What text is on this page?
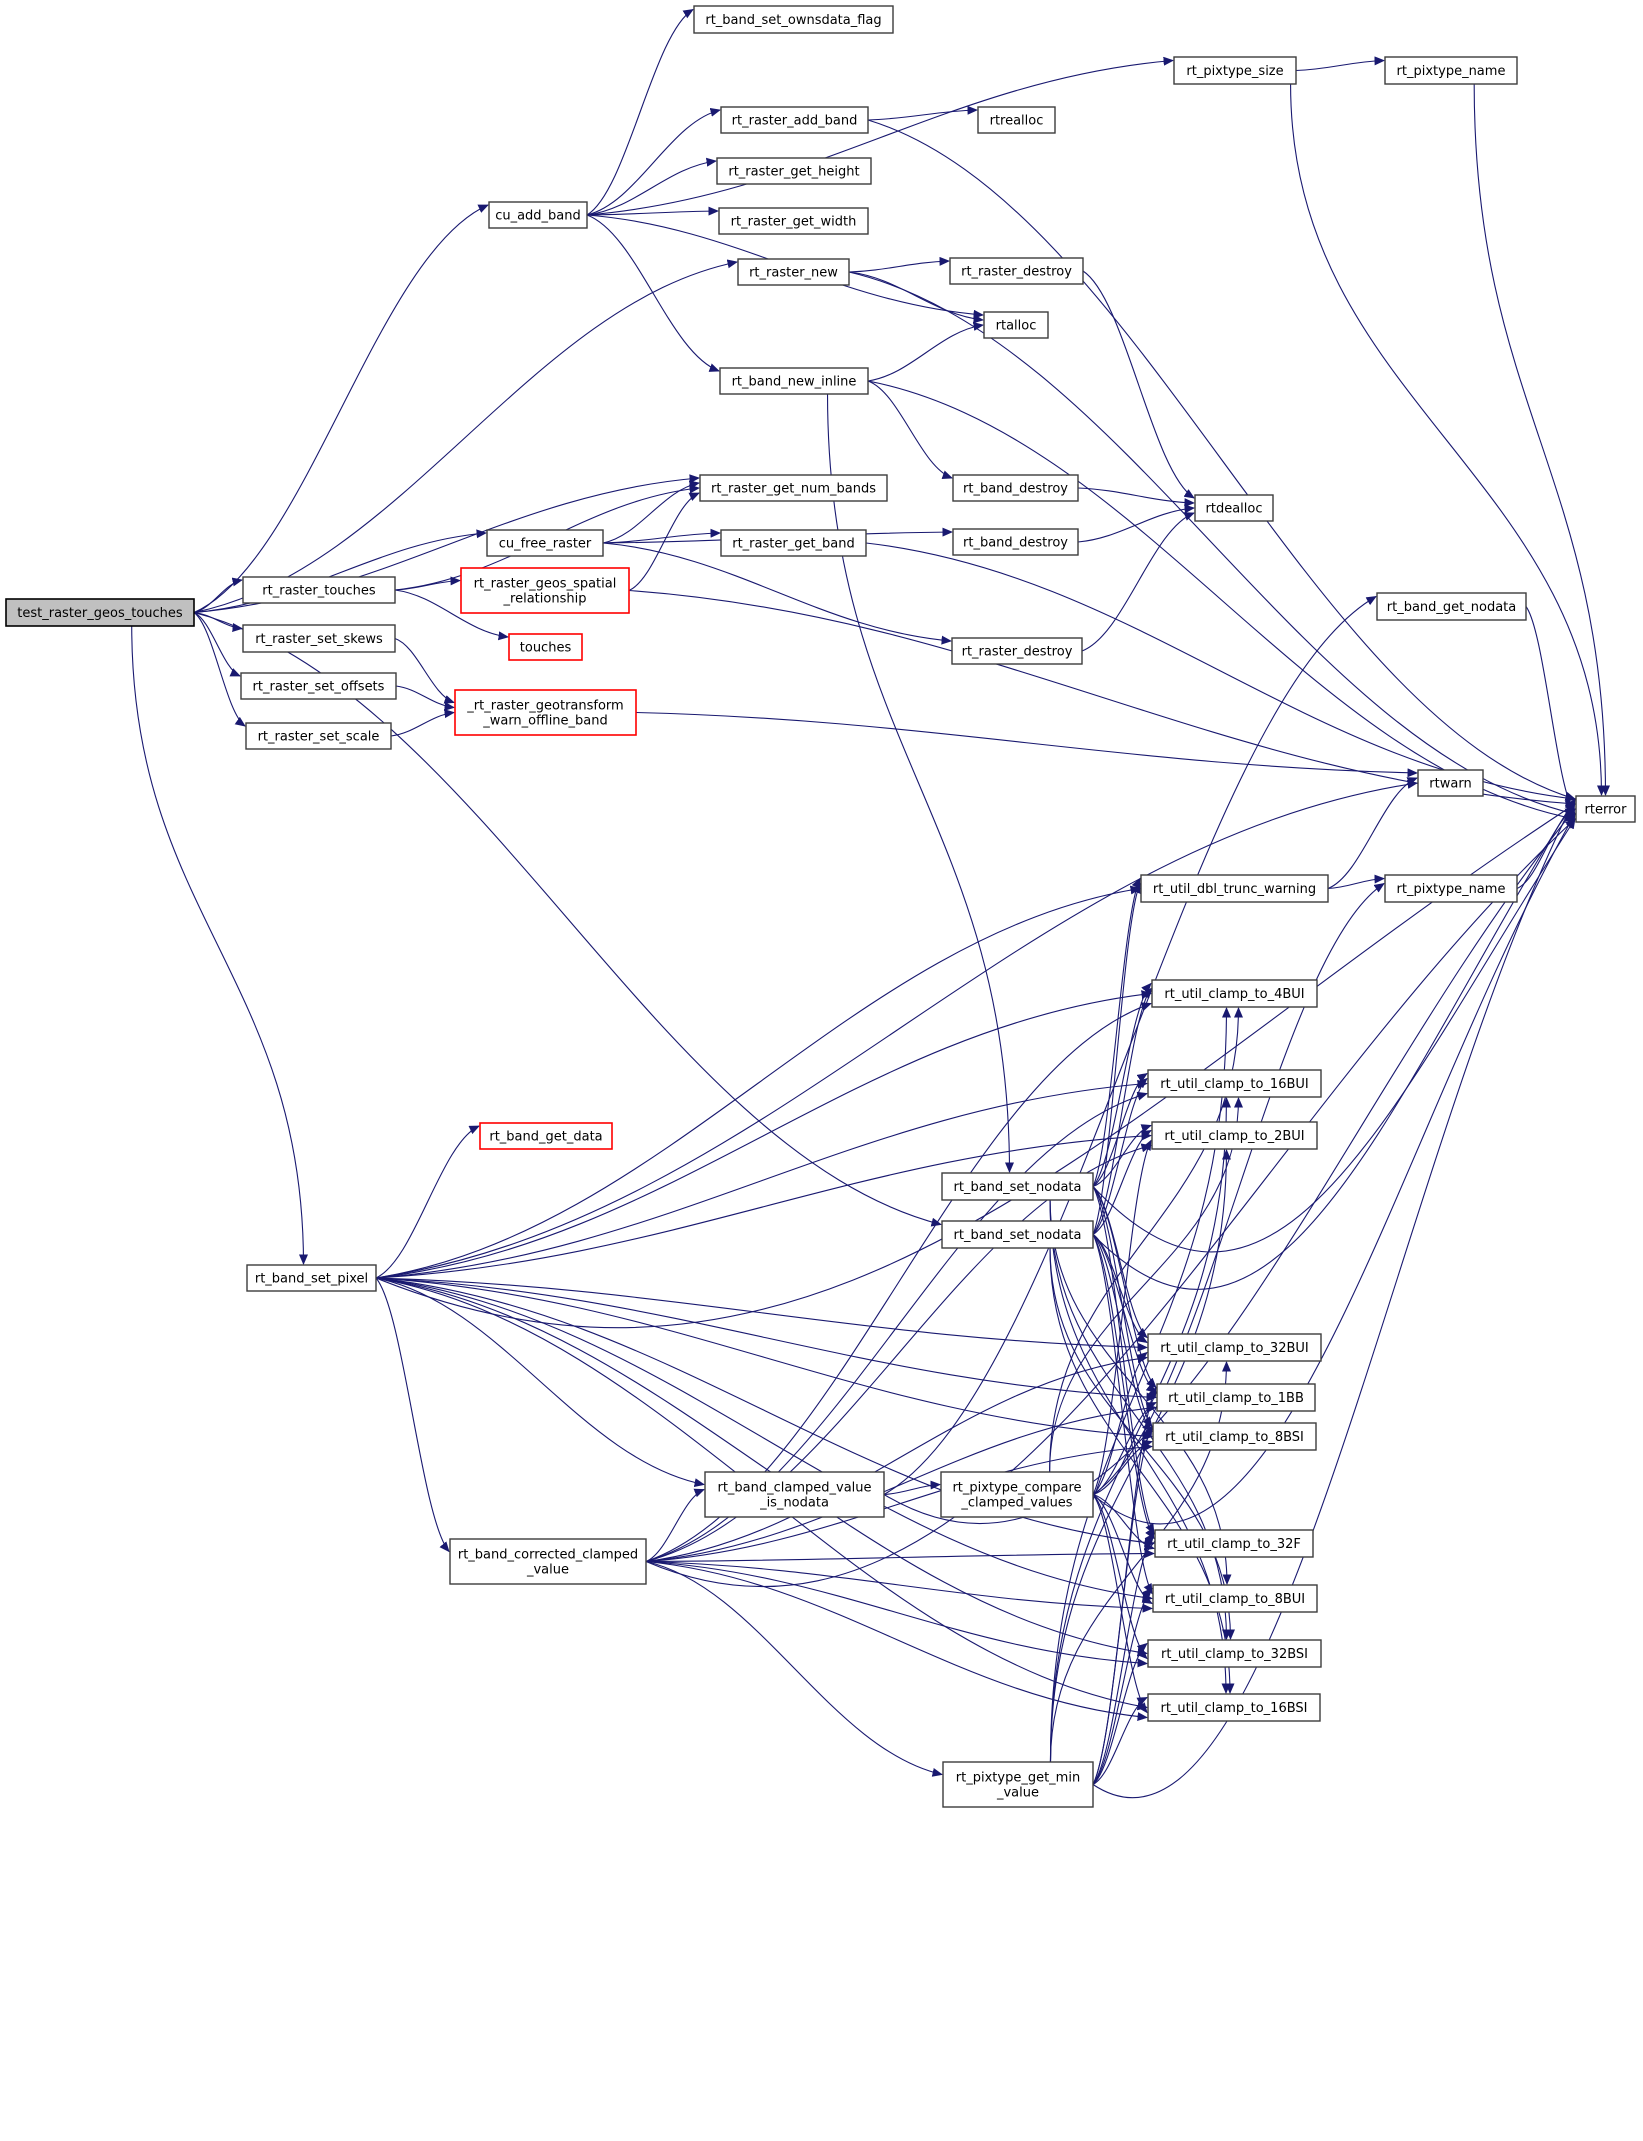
test_raster_geos_touches
rt_raster_touches
rt_raster_set_skews
rt_raster_set_offsets
rt_raster_set_scale
rt_band_set_pixel
cu_add_band
cu_free_raster
rt_raster_geos_spatial _relationship
touches
_rt_raster_geotransform _warn_offline_band
rt_band_get_data
rt_band_corrected_clamped _value
rt_band_set_ownsdata_flag
rt_raster_add_band
rt_raster_get_height
rt_raster_get_width
rt_raster_new
rt_band_new_inline
rt_raster_get_num_bands
rt_raster_get_band
rt_band_clamped_value _is_nodata
rtrealloc
rt_raster_destroy
rtalloc
rt_band_destroy
rt_band_destroy
rt_raster_destroy
rt_band_set_nodata
rt_band_set_nodata
rt_pixtype_compare _clamped_values
rt_pixtype_get_min _value
rt_pixtype_size
rtdealloc
rt_util_dbl_trunc_warning
rt_util_clamp_to_4BUI
rt_util_clamp_to_16BUI
rt_util_clamp_to_2BUI
rt_util_clamp_to_32BUI
rt_util_clamp_to_1BB
rt_util_clamp_to_8BSI
rt_util_clamp_to_32F
rt_util_clamp_to_8BUI
rt_util_clamp_to_32BSI
rt_util_clamp_to_16BSI
rt_pixtype_name
rt_band_get_nodata
rtwarn
rt_pixtype_name
rterror
